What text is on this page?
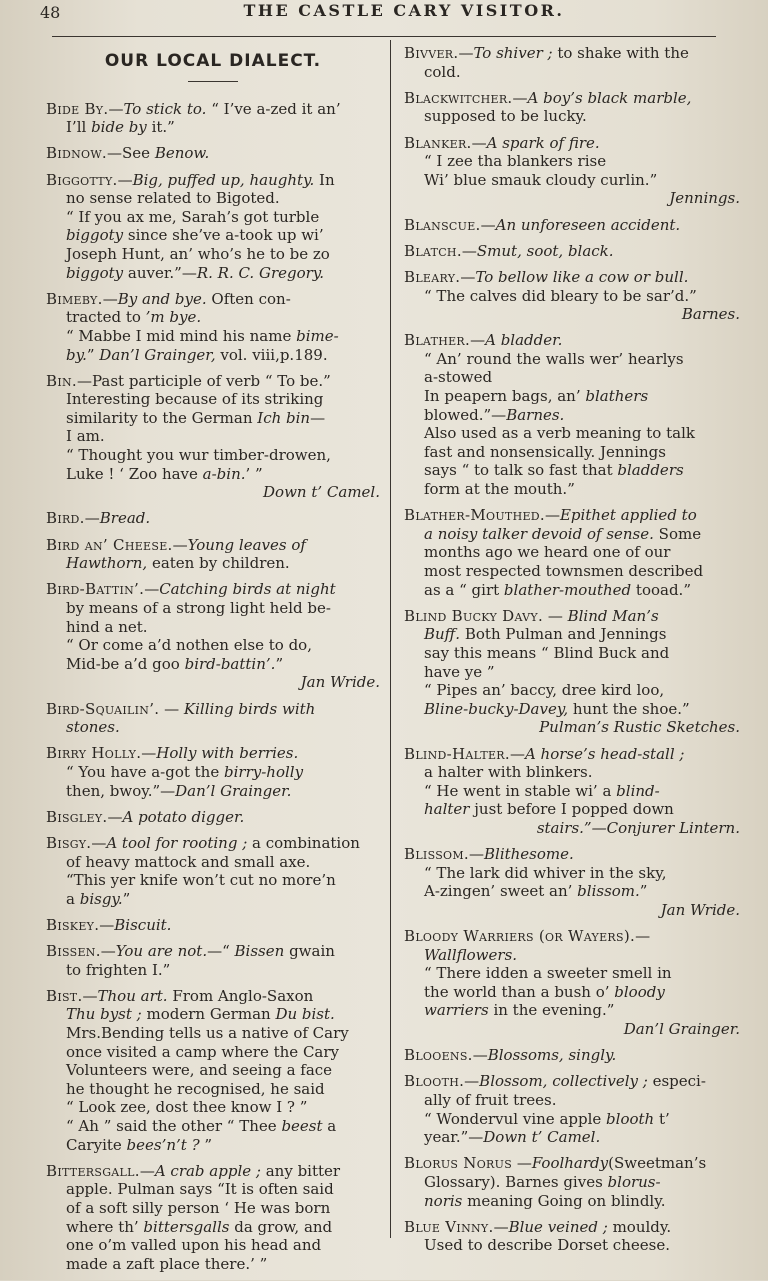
48	THE CASTLE CARY VISITOR.
OUR LOCAL DIALECT.

Bide By.—To stick to. “ I’ve a-zed it an’

I’ll bide by it.”

Bidnow.—See Benow.

Biggotty.—Big, puffed up, haughty. In

no sense related to Bigoted.

“ If you ax me, Sarah’s got turble

biggoty since she’ve a-took up wi’

Joseph Hunt, an’ who’s he to be zo

biggoty auver.”—R. R. C. Gregory.

Bimeby.—By and bye. Often con-

tracted to ’m bye.

“ Mabbe I mid mind his name bime-

by.” Dan’l Grainger, vol. viii,p.189.

Bin.—Past participle of verb “ To be.”

Interesting because of its striking

similarity to the German Ich bin—

I am.

“ Thought you wur timber-drowen,

Luke ! ‘ Zoo have a-bin.’ ”

Down t’ Camel.

Bird.—Bread.

Bird an’ Cheese.—Young leaves of

Hawthorn, eaten by children.

Bird-Battin’.—Catching birds at night

by means of a strong light held be-

hind a net.

“ Or come a’d nothen else to do,

Mid-be a’d goo bird-battin’.”

Jan Wride.

Bird-Squailin’. — Killing birds with

stones.

Birry Holly.—Holly with berries.

“ You have a-got the birry-holly

then, bwoy.”—Dan’l Grainger.

Bisgley.—A potato digger.

Bisgy.—A tool for rooting ; a combination

of heavy mattock and small axe.

“This yer knife won’t cut no more’n

a bisgy.”

Biskey.—Biscuit.

Bissen.—You are not.—“ Bissen gwain

to frighten I.”

Bist.—Thou art. From Anglo-Saxon

Thu byst ; modern German Du bist.

Mrs.Bending tells us a native of Cary

once visited a camp where the Cary

Volunteers were, and seeing a face

he thought he recognised, he said

“ Look zee, dost thee know I ? ”

“ Ah ” said the other “ Thee beest a

Caryite bees’n’t ? ”

Bittersgall.—A crab apple ; any bitter

apple. Pulman says “It is often said

of a soft silly person ‘ He was born

where th’ bittersgalls da grow, and

one o’m valled upon his head and

made a zaft place there.’ ”

Bivver.—To shiver ; to shake with the

cold.

Blackwitcher.—A boy’s black marble,

supposed to be lucky.

Blanker.—A spark of fire.

“ I zee tha blankers rise

Wi’ blue smauk cloudy curlin.”

Jennings.

Blanscue.—An unforeseen accident.

Blatch.—Smut, soot, black.

Bleary.—To bellow like a cow or bull.

“ The calves did bleary to be sar’d.”

Barnes.

Blather.—A bladder.

“ An’ round the walls wer’ hearlys

a-stowed

In peapern bags, an’ blathers

blowed.”—Barnes.

Also used as a verb meaning to talk

fast and nonsensically. Jennings

says “ to talk so fast that bladders

form at the mouth.”

Blather-Mouthed.—Epithet applied to

a noisy talker devoid of sense. Some

months ago we heard one of our

most respected townsmen described

as a “ girt blather-mouthed tooad.”

Blind Bucky Davy. — Blind Man’s

Buff. Both Pulman and Jennings

say this means “ Blind Buck and

have ye ”

“ Pipes an’ baccy, dree kird loo,

Bline-bucky-Davey, hunt the shoe.”

Pulman’s Rustic Sketches.

Blind-Halter.—A horse’s head-stall ;

a halter with blinkers.

“ He went in stable wi’ a blind-

halter just before I popped down

stairs.”—Conjurer Lintern.

Blissom.—Blithesome.

“ The lark did whiver in the sky,

A-zingen’ sweet an’ blissom.”

Jan Wride.

Bloody Warriers (or Wayers).—

Wallflowers.

“ There idden a sweeter smell in

the world than a bush o’ bloody

warriers in the evening.”

Dan’l Grainger.

Blooens.—Blossoms, singly.

Blooth.—Blossom, collectively ; especi-

ally of fruit trees.

“ Wondervul vine apple blooth t’

year.”—Down t’ Camel.

Blorus Norus —Foolhardy(Sweetman’s

Glossary). Barnes gives blorus-

noris meaning Going on blindly.

Blue Vinny.—Blue veined ; mouldy.

Used to describe Dorset cheese.
